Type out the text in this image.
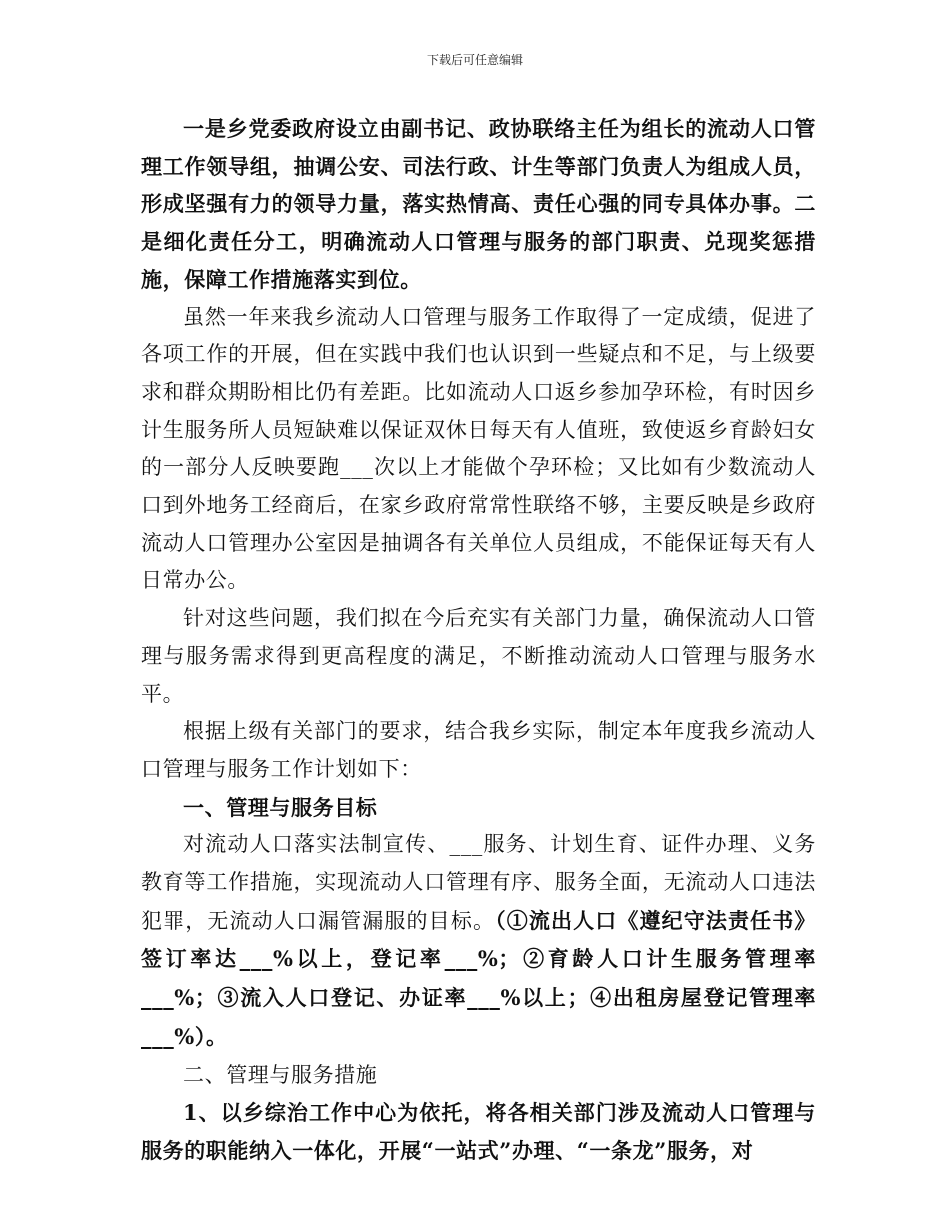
下载后可任意编辑

一是乡党委政府设立由副书记、政协联络主任为组长的流动人口管理工作领导组，抽调公安、司法行政、计生等部门负责人为组成人员，形成坚强有力的领导力量，落实热情高、责任心强的同专具体办事。二是细化责任分工，明确流动人口管理与服务的部门职责、兑现奖惩措施，保障工作措施落实到位。

虽然一年来我乡流动人口管理与服务工作取得了一定成绩，促进了各项工作的开展，但在实践中我们也认识到一些疑点和不足，与上级要求和群众期盼相比仍有差距。比如流动人口返乡参加孕环检，有时因乡计生服务所人员短缺难以保证双休日每天有人值班，致使返乡育龄妇女的一部分人反映要跑___次以上才能做个孕环检；又比如有少数流动人口到外地务工经商后，在家乡政府常常性联络不够，主要反映是乡政府流动人口管理办公室因是抽调各有关单位人员组成，不能保证每天有人日常办公。

针对这些问题，我们拟在今后充实有关部门力量，确保流动人口管理与服务需求得到更高程度的满足，不断推动流动人口管理与服务水平。

根据上级有关部门的要求，结合我乡实际，制定本年度我乡流动人口管理与服务工作计划如下：

一、管理与服务目标

对流动人口落实法制宣传、___服务、计划生育、证件办理、义务教育等工作措施，实现流动人口管理有序、服务全面，无流动人口违法犯罪，无流动人口漏管漏服的目标。（①流出人口《遵纪守法责任书》签订率达___%以上，登记率___%；②育龄人口计生服务管理率___%；③流入人口登记、办证率___%以上；④出租房屋登记管理率___%）。

二、管理与服务措施

1、以乡综治工作中心为依托，将各相关部门涉及流动人口管理与服务的职能纳入一体化，开展“一站式”办理、“一条龙”服务，对
